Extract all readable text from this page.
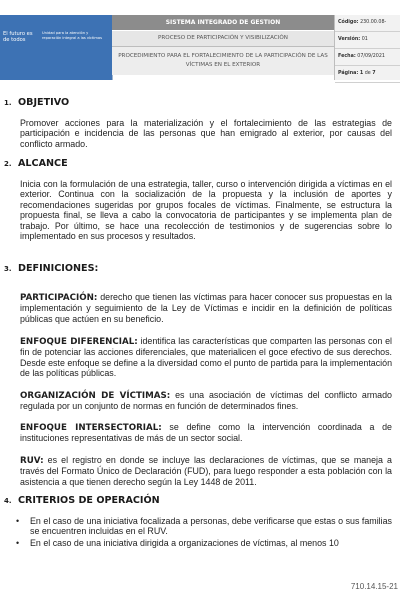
El futuro es de todos
Unidad para la atención y reparación integral a las víctimas
SISTEMA INTEGRADO DE GESTION
PROCESO DE PARTICIPACIÓN Y VISIBILIZACIÓN
PROCEDIMIENTO PARA EL FORTALECIMIENTO DE LA PARTICIPACIÓN DE LAS VÍCTIMAS EN EL EXTERIOR
Código: 230.00.08-
Versión: 01
Fecha: 07/09/2021
Página: 1 de 7
1. OBJETIVO
Promover acciones para la materialización y el fortalecimiento de las estrategias de participación e incidencia de las personas que han emigrado al exterior, por causas del conflicto armado.
2. ALCANCE
Inicia con la formulación de una estrategia, taller, curso o intervención dirigida a víctimas en el exterior. Continua con la socialización de la propuesta y la inclusión de aportes y recomendaciones sugeridas por grupos focales de víctimas. Finalmente, se estructura la propuesta final, se lleva a cabo la convocatoria de participantes y se implementa plan de trabajo. Por último, se hace una recolección de testimonios y de sugerencias sobre lo implementado en sus procesos y resultados.
3. DEFINICIONES:
PARTICIPACIÓN: derecho que tienen las víctimas para hacer conocer sus propuestas en la implementación y seguimiento de la Ley de Víctimas e incidir en la definición de políticas públicas que actúen en su beneficio.
ENFOQUE DIFERENCIAL: identifica las características que comparten las personas con el fin de potenciar las acciones diferenciales, que materialicen el goce efectivo de sus derechos. Desde este enfoque se define a la diversidad como el punto de partida para la implementación de las políticas públicas.
ORGANIZACIÓN DE VÍCTIMAS: es una asociación de víctimas del conflicto armado regulada por un conjunto de normas en función de determinados fines.
ENFOQUE INTERSECTORIAL: se define como la intervención coordinada a de instituciones representativas de más de un sector social.
RUV: es el registro en donde se incluye las declaraciones de víctimas, que se maneja a través del Formato Único de Declaración (FUD), para luego responder a esta población con la asistencia a que tienen derecho según la Ley 1448 de 2011.
4. CRITERIOS DE OPERACIÓN
• En el caso de una iniciativa focalizada a personas, debe verificarse que estas o sus familias se encuentren incluidas en el RUV.
• En el caso de una iniciativa dirigida a organizaciones de víctimas, al menos 10
710.14.15-21
